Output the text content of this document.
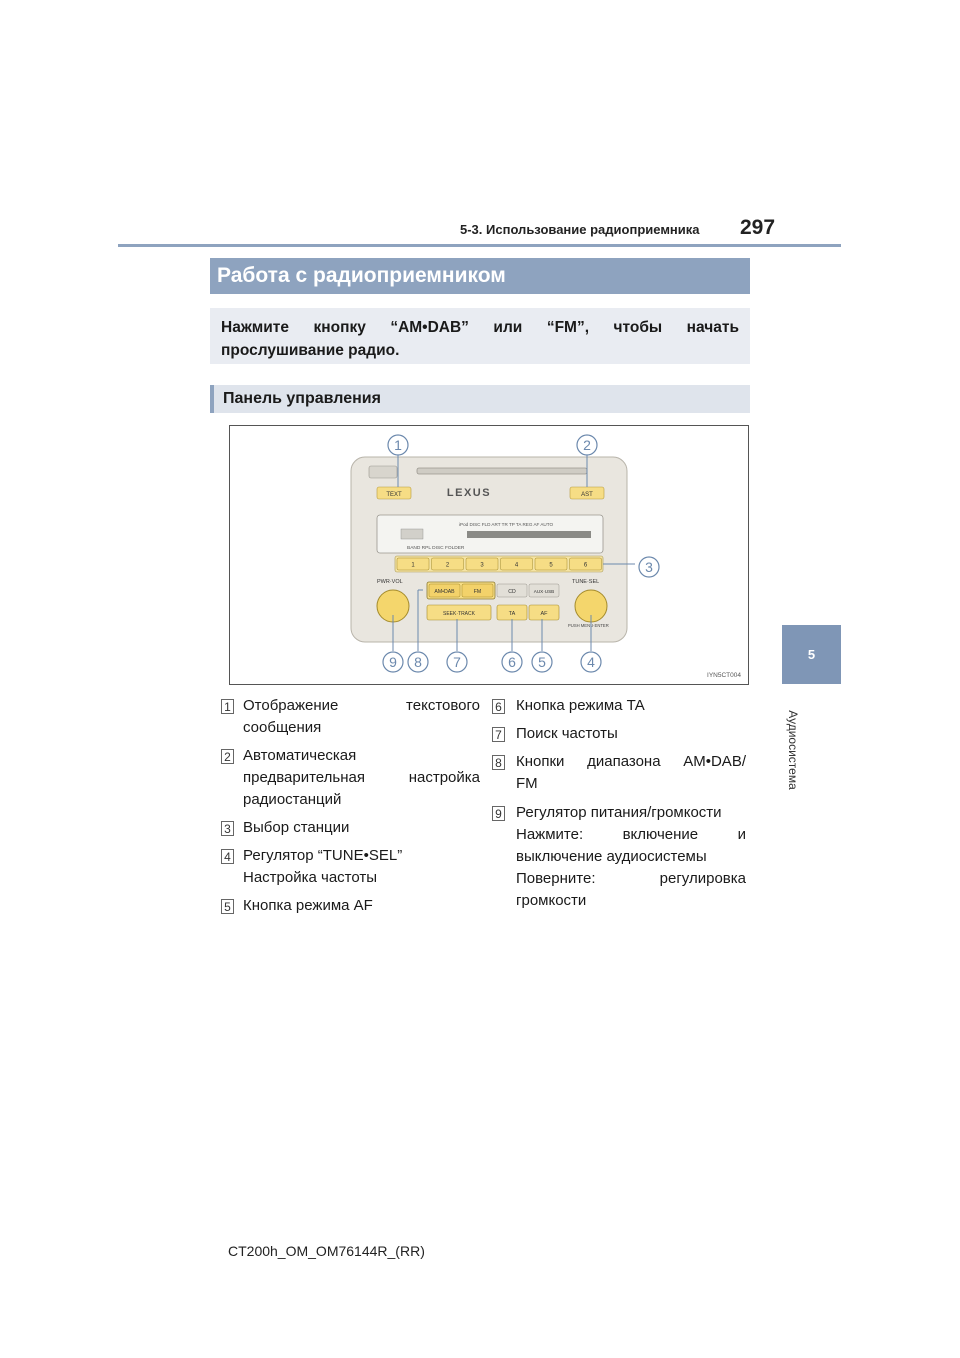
5-3. Использование радиоприемника 297
5
Аудиосистема
Работа с радиоприемником
Нажмите кнопку “AM•DAB” или “FM”, чтобы начать
прослушивание радио.
Панель управления
TEXT	AST
LEXUS
iPod DISC FLD ART TR TP TA REG AF AUTO
BAND RPL DISC FOLDER
1	2	3	4	5	6
PWR·VOL	TUNE·SEL
PUSH MENU·ENTER
AM•DAB	FM	CD	AUX·USB
SEEK·TRACK	TA	AF
1	2
3
9 8 7	6 5	4
IYN5CT004
1 Отображение текстового
сообщения
2 Автоматическая
предварительная настройка
радиостанций
3 Выбор станции
4 Регулятор “TUNE•SEL”
Настройка частоты
5 Кнопка режима AF
6 Кнопка режима TA
7 Поиск частоты
8 Кнопки диапазона AM•DAB/
FM
9 Регулятор питания/громкости
Нажмите: включение и
выключение аудиосистемы
Поверните: регулировка
громкости
CT200h_OM_OM76144R_(RR)
